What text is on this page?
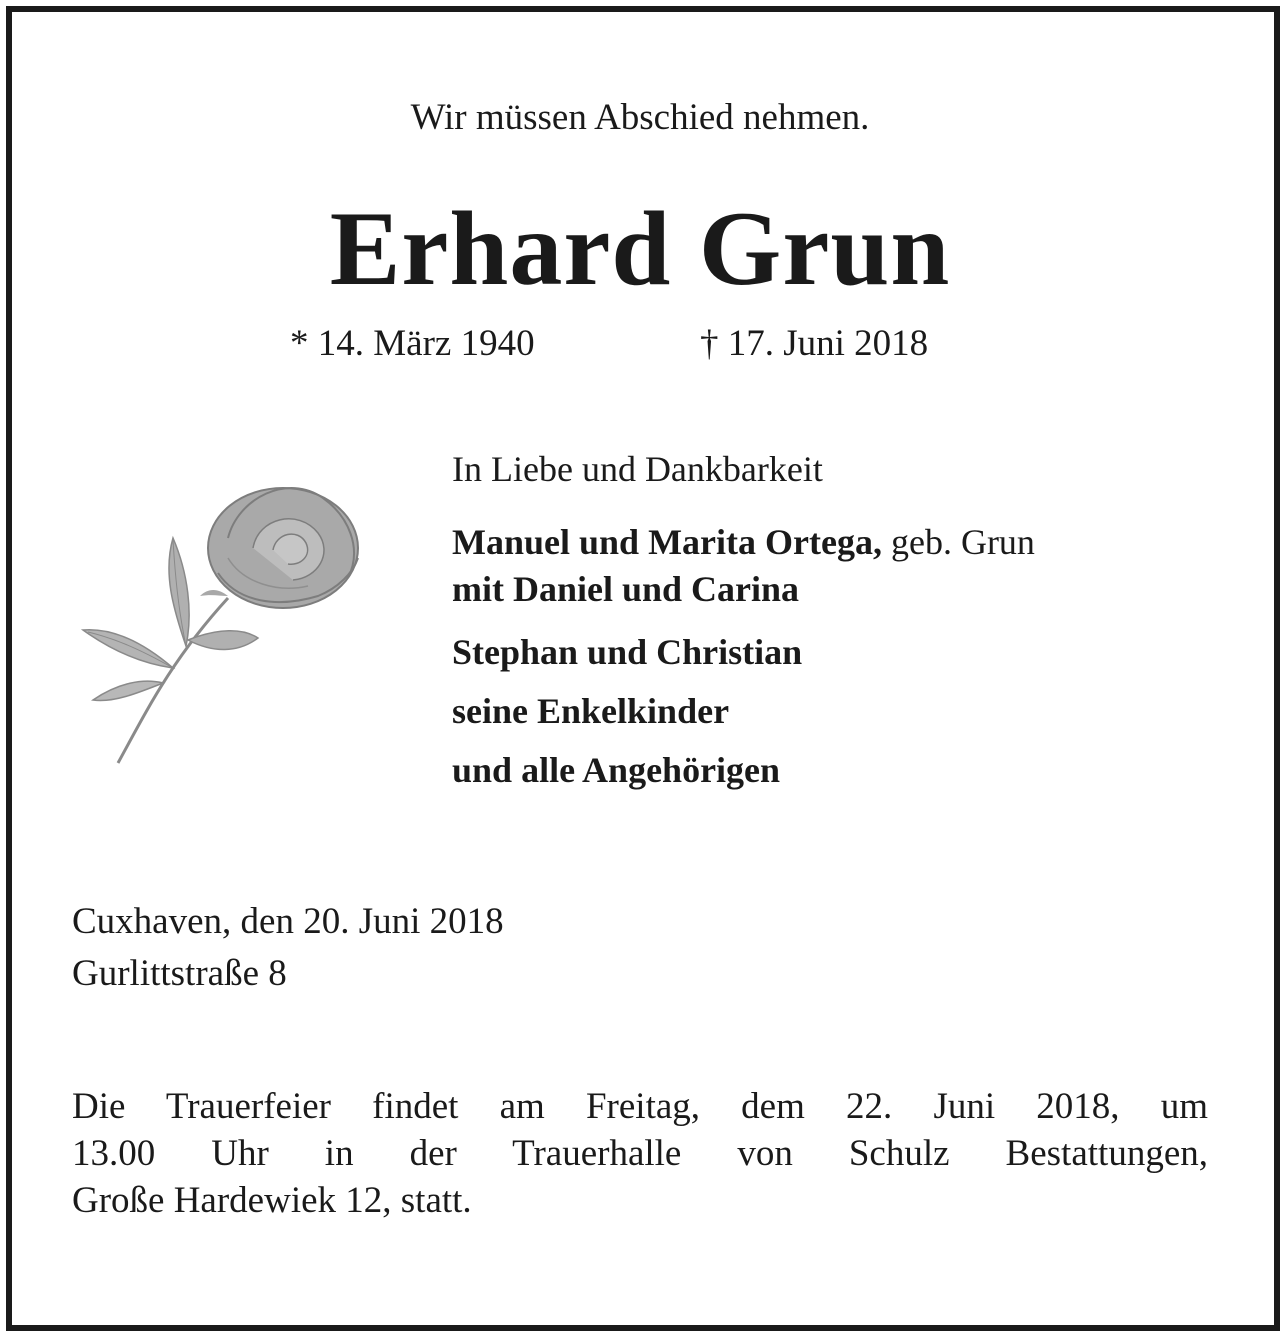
Wir müssen Abschied nehmen.
Erhard Grun
* 14. März 1940	† 17. Juni 2018
In Liebe und Dankbarkeit
Manuel und Marita Ortega, geb. Grun
mit Daniel und Carina
Stephan und Christian
seine Enkelkinder
und alle Angehörigen
Cuxhaven, den 20. Juni 2018
Gurlittstraße 8
Die Trauerfeier findet am Freitag, dem 22. Juni 2018, um
13.00 Uhr in der Trauerhalle von Schulz Bestattungen,
Große Hardewiek 12, statt.
